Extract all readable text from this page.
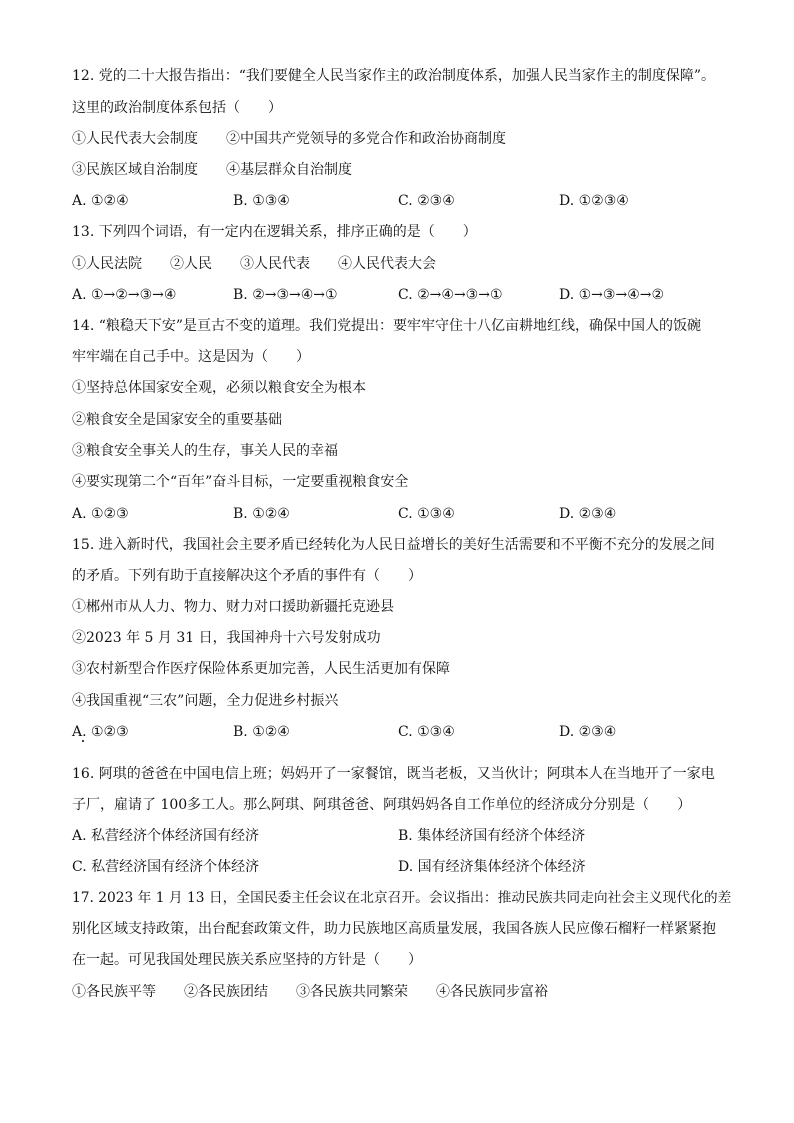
12. 党的二十大报告指出：“我们要健全人民当家作主的政治制度体系，加强人民当家作主的制度保障”。
这里的政治制度体系包括（　　）
①人民代表大会制度　　②中国共产党领导的多党合作和政治协商制度
③民族区域自治制度　　④基层群众自治制度
A. ①②④	B. ①③④	C. ②③④	D. ①②③④
13. 下列四个词语，有一定内在逻辑关系，排序正确的是（　　）
①人民法院　　②人民　　③人民代表　　④人民代表大会
A. ①→②→③→④	B. ②→③→④→①	C. ②→④→③→①	D. ①→③→④→②
14. “粮稳天下安”是亘古不变的道理。我们党提出：要牢牢守住十八亿亩耕地红线，确保中国人的饭碗
牢牢端在自己手中。这是因为（　　）
①坚持总体国家安全观，必须以粮食安全为根本
②粮食安全是国家安全的重要基础
③粮食安全事关人的生存，事关人民的幸福
④要实现第二个“百年”奋斗目标，一定要重视粮食安全
A. ①②③	B. ①②④	C. ①③④	D. ②③④
15. 进入新时代，我国社会主要矛盾已经转化为人民日益增长的美好生活需要和不平衡不充分的发展之间
的矛盾。下列有助于直接解决这个矛盾的事件有（　　）
①郴州市从人力、物力、财力对口援助新疆托克逊县
②2023 年 5 月 31 日，我国神舟十六号发射成功
③农村新型合作医疗保险体系更加完善，人民生活更加有保障
④我国重视“三农”问题，全力促进乡村振兴
A. ①②③	B. ①②④	C. ①③④	D. ②③④
16. 阿琪的爸爸在中国电信上班；妈妈开了一家餐馆，既当老板，又当伙计；阿琪本人在当地开了一家电
子厂，雇请了 100多工人。那么阿琪、阿琪爸爸、阿琪妈妈各自工作单位的经济成分分别是（　　）
A. 私营经济个体经济国有经济	B. 集体经济国有经济个体经济
C. 私营经济国有经济个体经济	D. 国有经济集体经济个体经济
17. 2023 年 1 月 13 日，全国民委主任会议在北京召开。会议指出：推动民族共同走向社会主义现代化的差
别化区域支持政策，出台配套政策文件，助力民族地区高质量发展，我国各族人民应像石榴籽一样紧紧抱
在一起。可见我国处理民族关系应坚持的方针是（　　）
①各民族平等　　②各民族团结　　③各民族共同繁荣　　④各民族同步富裕
